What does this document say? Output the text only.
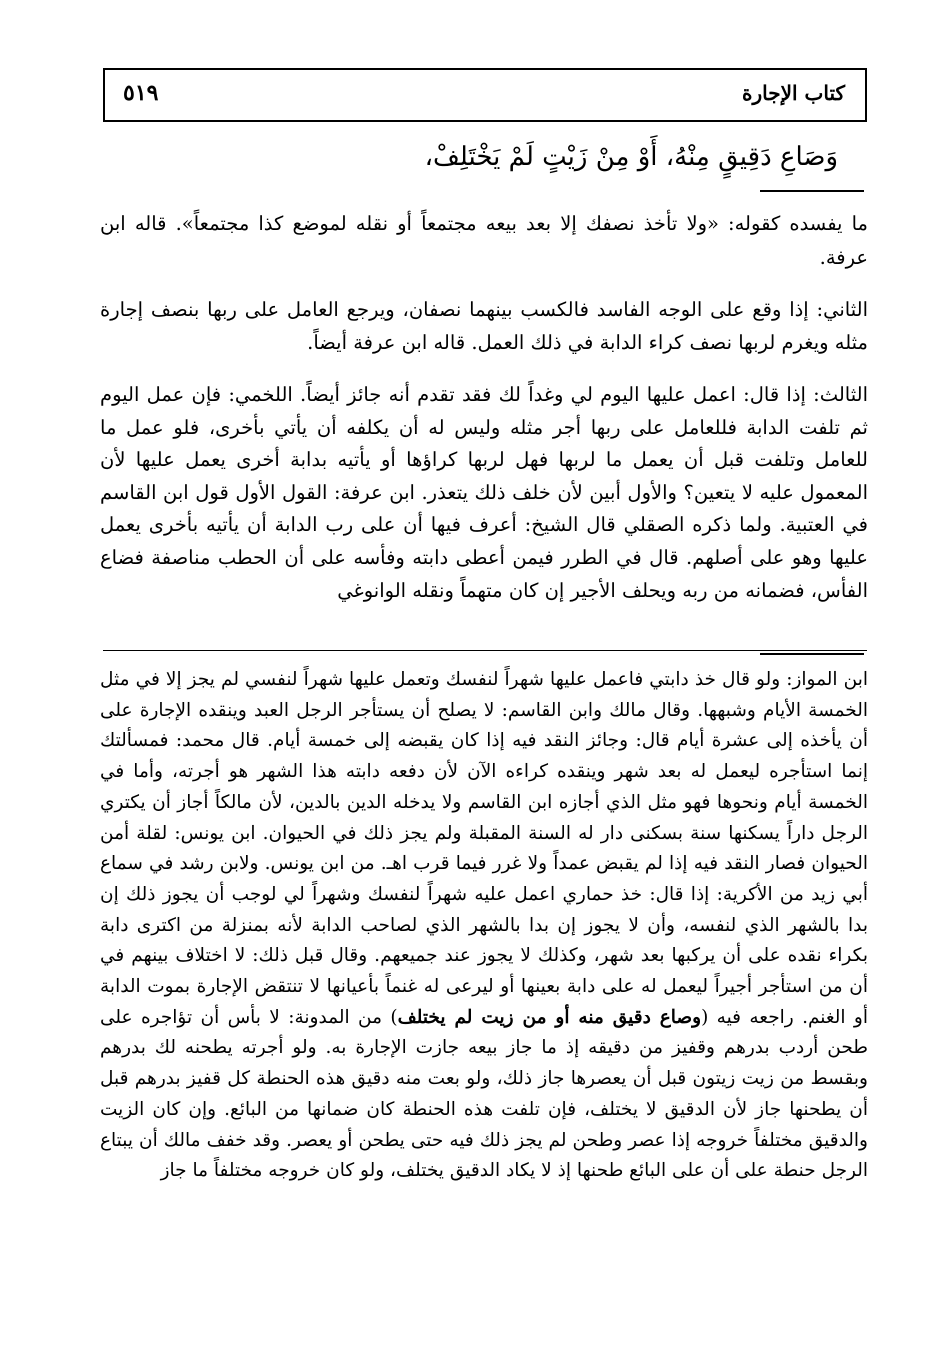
٥١٩	كتاب الإجارة
وَصَاعِ دَقِيقٍ مِنْهُ، أَوْ مِنْ زَيْتٍ لَمْ يَخْتَلِفْ،

ما يفسده كقوله: «ولا تأخذ نصفك إلا بعد بيعه مجتمعاً أو نقله لموضع كذا مجتمعاً». قاله ابن عرفة.

الثاني: إذا وقع على الوجه الفاسد فالكسب بينهما نصفان، ويرجع العامل على ربها بنصف إجارة مثله ويغرم لربها نصف كراء الدابة في ذلك العمل. قاله ابن عرفة أيضاً.

الثالث: إذا قال: اعمل عليها اليوم لي وغداً لك فقد تقدم أنه جائز أيضاً. اللخمي: فإن عمل اليوم ثم تلفت الدابة فللعامل على ربها أجر مثله وليس له أن يكلفه أن يأتي بأخرى، فلو عمل ما للعامل وتلفت قبل أن يعمل ما لربها فهل لربها كراؤها أو يأتيه بدابة أخرى يعمل عليها لأن المعمول عليه لا يتعين؟ والأول أبين لأن خلف ذلك يتعذر. ابن عرفة: القول الأول قول ابن القاسم في العتبية. ولما ذكره الصقلي قال الشيخ: أعرف فيها أن على رب الدابة أن يأتيه بأخرى يعمل عليها وهو على أصلهم. قال في الطرر فيمن أعطى دابته وفأسه على أن الحطب مناصفة فضاع الفأس، فضمانه من ربه ويحلف الأجير إن كان متهماً ونقله الوانوغي

ابن المواز: ولو قال خذ دابتي فاعمل عليها شهراً لنفسك وتعمل عليها شهراً لنفسي لم يجز إلا في مثل الخمسة الأيام وشبهها. وقال مالك وابن القاسم: لا يصلح أن يستأجر الرجل العبد وينقده الإجارة على أن يأخذه إلى عشرة أيام قال: وجائز النقد فيه إذا كان يقبضه إلى خمسة أيام. قال محمد: فمسألتك إنما استأجره ليعمل له بعد شهر وينقده كراءه الآن لأن دفعه دابته هذا الشهر هو أجرته، وأما في الخمسة أيام ونحوها فهو مثل الذي أجازه ابن القاسم ولا يدخله الدين بالدين، لأن مالكاً أجاز أن يكتري الرجل داراً يسكنها سنة بسكنى دار له السنة المقبلة ولم يجز ذلك في الحيوان. ابن يونس: لقلة أمن الحيوان فصار النقد فيه إذا لم يقبض عمداً ولا غرر فيما قرب اهـ. من ابن يونس. ولابن رشد في سماع أبي زيد من الأكرية: إذا قال: خذ حماري اعمل عليه شهراً لنفسك وشهراً لي لوجب أن يجوز ذلك إن بدا بالشهر الذي لنفسه، وأن لا يجوز إن بدا بالشهر الذي لصاحب الدابة لأنه بمنزلة من اكترى دابة بكراء نقده على أن يركبها بعد شهر، وكذلك لا يجوز عند جميعهم. وقال قبل ذلك: لا اختلاف بينهم في أن من استأجر أجيراً ليعمل له على دابة بعينها أو ليرعى له غنماً بأعيانها لا تنتقض الإجارة بموت الدابة أو الغنم. راجعه فيه (وصاع دقيق منه أو من زيت لم يختلف) من المدونة: لا بأس أن تؤاجره على طحن أردب بدرهم وقفيز من دقيقه إذ ما جاز بيعه جازت الإجارة به. ولو أجرته يطحنه لك بدرهم وبقسط من زيت زيتون قبل أن يعصرها جاز ذلك، ولو بعت منه دقيق هذه الحنطة كل قفيز بدرهم قبل أن يطحنها جاز لأن الدقيق لا يختلف، فإن تلفت هذه الحنطة كان ضمانها من البائع. وإن كان الزيت والدقيق مختلفاً خروجه إذا عصر وطحن لم يجز ذلك فيه حتى يطحن أو يعصر. وقد خفف مالك أن يبتاع الرجل حنطة على أن على البائع طحنها إذ لا يكاد الدقيق يختلف، ولو كان خروجه مختلفاً ما جاز
